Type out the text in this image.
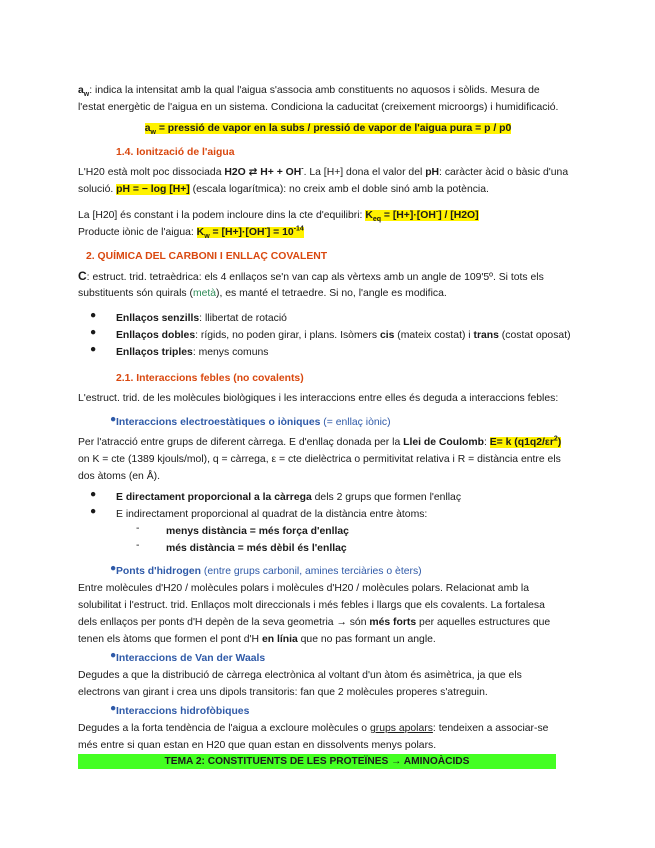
$a_w$: indica la intensitat amb la qual l'aigua s'associa amb constituents no aquosos i sòlids. Mesura de

l'estat energètic de l'aigua en un sistema. Condiciona la caducitat (creixement microorgs) i humidificació.

$a_w$ = pressió de vapor en la subs / pressió de vapor de l'aigua pura = p / p0

1.4. Ionització de l'aigua

L'H20 està molt poc dissociada H2O ⇄ H+ + OH-. La [H+] dona el valor del pH: caràcter àcid o bàsic d'una

solució. pH = − log [H+] (escala logarítmica): no creix amb el doble sinó amb la potència.

La [H20] és constant i la podem incloure dins la cte d'equilibri: $K_{eq} = [H+]\cdot[OH^-] / [H2O]$

Producte iònic de l'aigua: $K_w = [H+]\cdot[OH^-] = 10^{-14}$

2. QUÍMICA DEL CARBONI I ENLLAÇ COVALENT

C: estruct. trid. tetraèdrica: els 4 enllaços se'n van cap als vèrtexs amb un angle de 109'5º. Si tots els

substituents són quirals (metà), es manté el tetraedre. Si no, l'angle es modifica.

● Enllaços senzills: llibertat de rotació

● Enllaços dobles: rígids, no poden girar, i plans. Isòmers cis (mateix costat) i trans (costat oposat)

● Enllaços triples: menys comuns

2.1. Interaccions febles (no covalents)

L'estruct. trid. de les molècules biològiques i les interaccions entre elles és deguda a interaccions febles:

● Interaccions electroestàtiques o iòniques (= enllaç iònic)

Per l'atracció entre grups de diferent càrrega. E d'enllaç donada per la Llei de Coulomb: E= k $(q1q2/\varepsilon r^2)$

on K = cte (1389 kjouls/mol), q = càrrega, ε = cte dielèctrica o permitivitat relativa i R = distància entre els

dos àtoms (en Å).

● E directament proporcional a la càrrega dels 2 grups que formen l'enllaç

● E indirectament proporcional al quadrat de la distància entre àtoms:

-	menys distància = més força d'enllaç

-	més distància = més dèbil és l'enllaç

● Ponts d'hidrogen (entre grups carbonil, amines terciàries o èters)

Entre molècules d'H20 / molècules polars i molècules d'H20 / molècules polars. Relacionat amb la

solubilitat i l'estruct. trid. Enllaços molt direccionals i més febles i llargs que els covalents. La fortalesa

dels enllaços per ponts d'H depèn de la seva geometria → són més forts per aquelles estructures que

tenen els àtoms que formen el pont d'H en línia que no pas formant un angle.

● Interaccions de Van der Waals

Degudes a que la distribució de càrrega electrònica al voltant d'un àtom és asimètrica, ja que els

electrons van girant i crea uns dipols transitoris: fan que 2 molècules properes s'atreguin.

● Interaccions hidrofòbiques

Degudes a la forta tendència de l'aigua a excloure molècules o grups apolars: tendeixen a associar-se

més entre si quan estan en H20 que quan estan en dissolvents menys polars.

TEMA 2: CONSTITUENTS DE LES PROTEÏNES → AMINOÀCIDS
